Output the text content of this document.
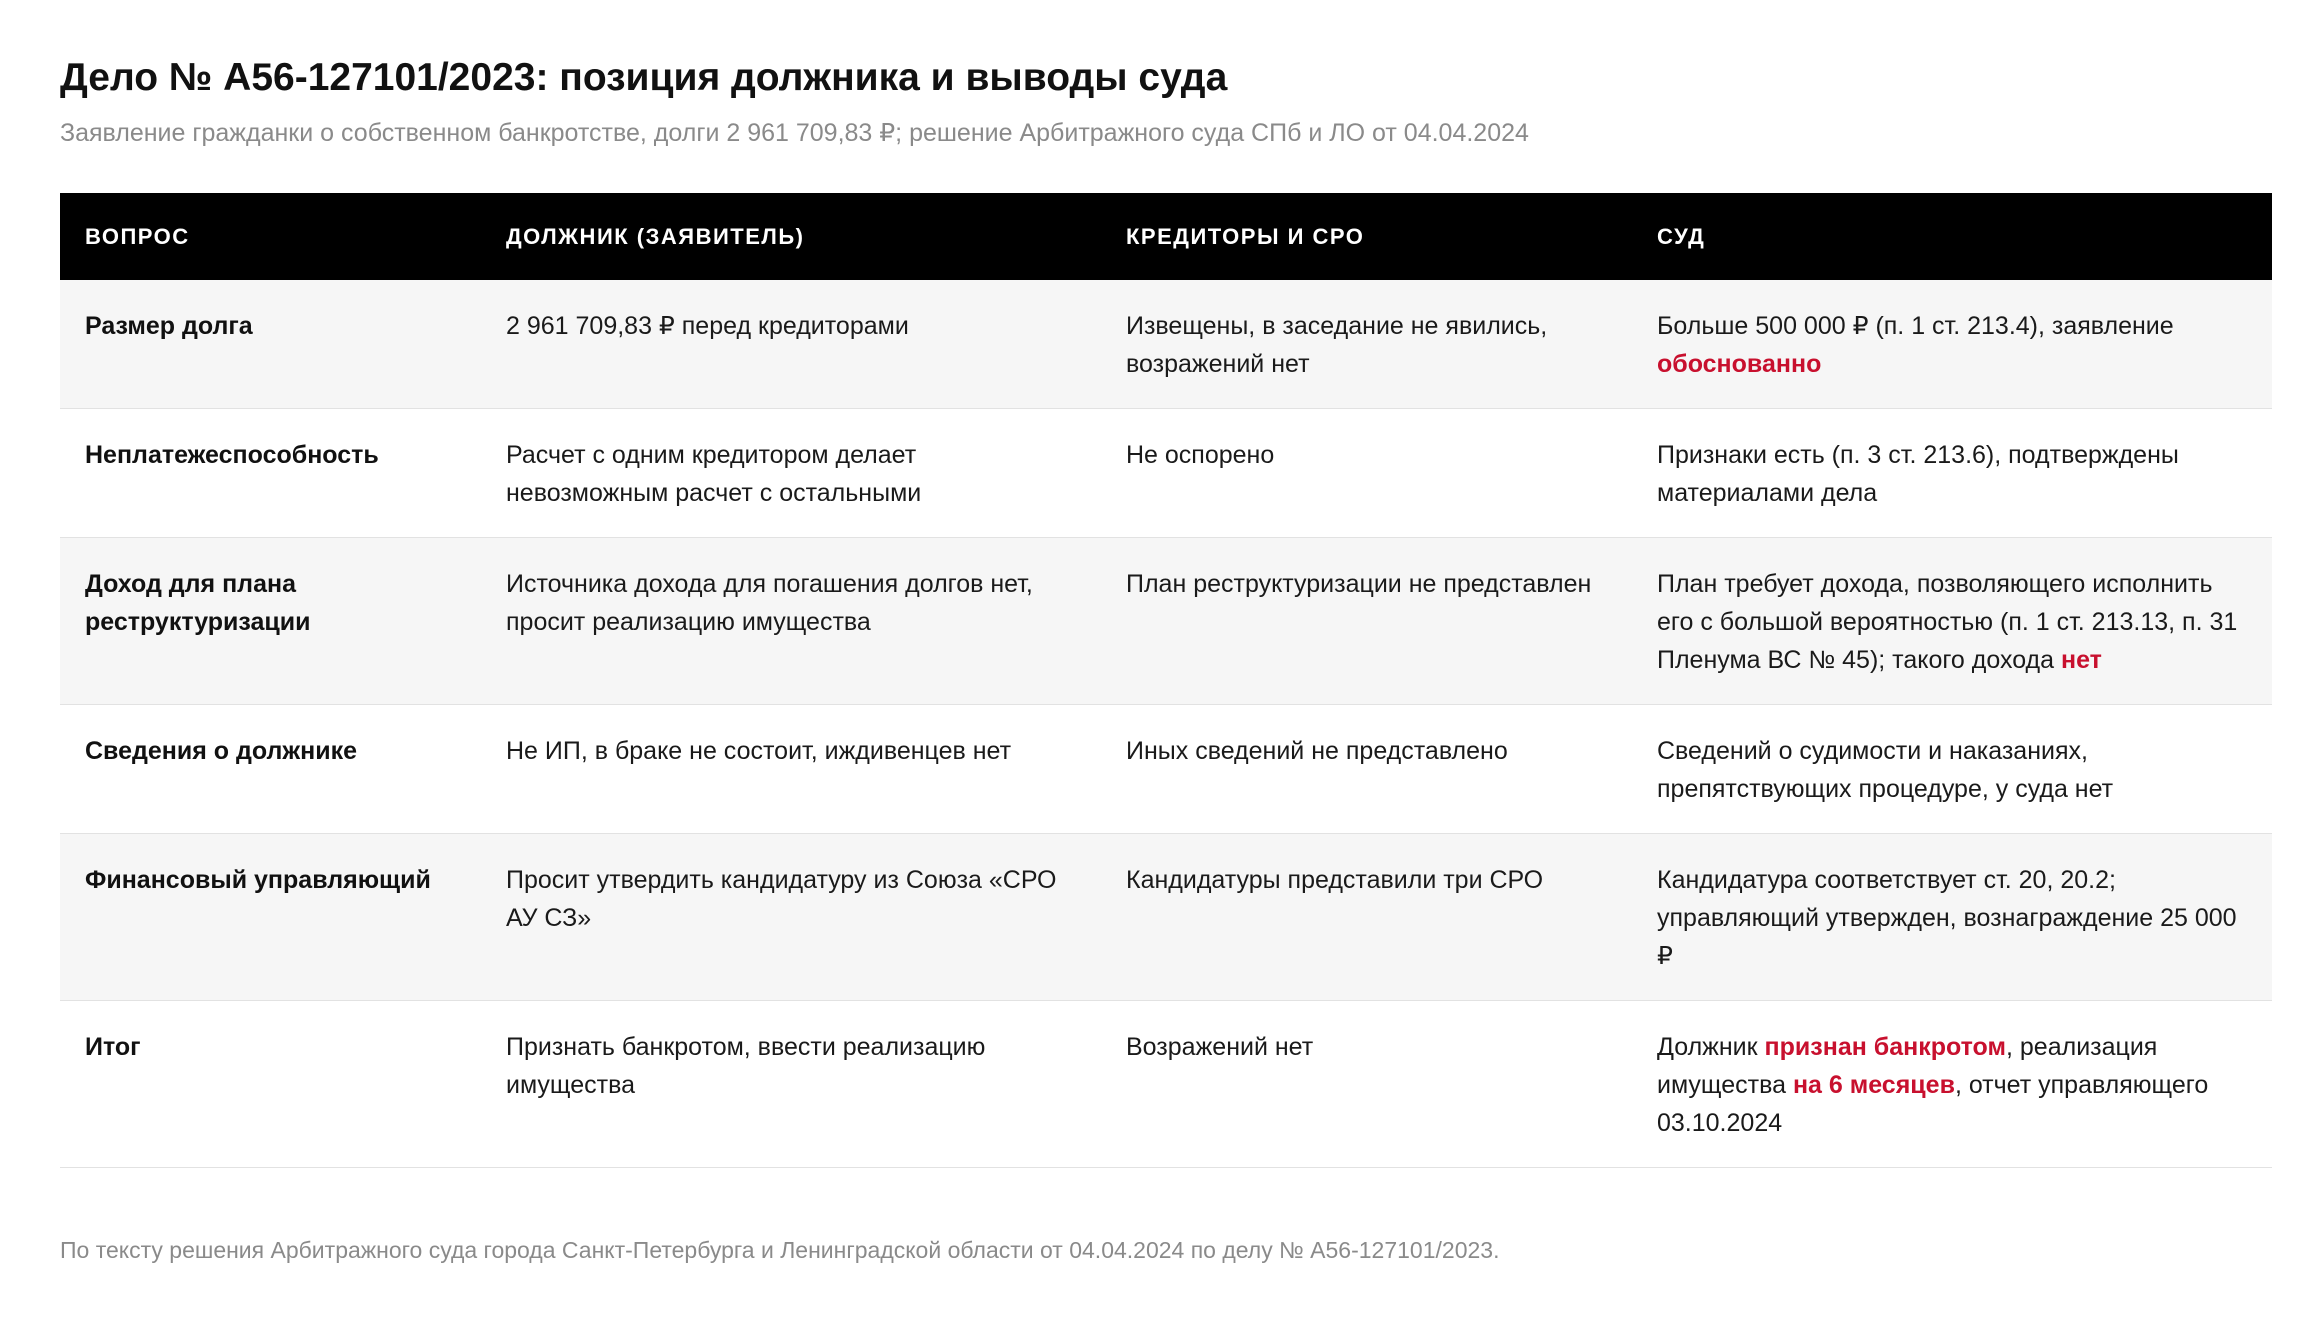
Дело № А56-127101/2023: позиция должника и выводы суда

Заявление гражданки о собственном банкротстве, долги 2 961 709,83 ₽; решение Арбитражного суда СПб и ЛО от 04.04.2024

ВОПРОС	ДОЛЖНИК (ЗАЯВИТЕЛЬ)	КРЕДИТОРЫ И СРО	СУД
Размер долга	2 961 709,83 ₽ перед кредиторами	Извещены, в заседание не явились, возражений нет	Больше 500 000 ₽ (п. 1 ст. 213.4), заявление обоснованно
Неплатежеспособность	Расчет с одним кредитором делает невозможным расчет с остальными	Не оспорено	Признаки есть (п. 3 ст. 213.6), подтверждены материалами дела
Доход для плана реструктуризации	Источника дохода для погашения долгов нет, просит реализацию имущества	План реструктуризации не представлен	План требует дохода, позволяющего исполнить его с большой вероятностью (п. 1 ст. 213.13, п. 31 Пленума ВС № 45); такого дохода нет
Сведения о должнике	Не ИП, в браке не состоит, иждивенцев нет	Иных сведений не представлено	Сведений о судимости и наказаниях, препятствующих процедуре, у суда нет
Финансовый управляющий	Просит утвердить кандидатуру из Союза «СРО АУ СЗ»	Кандидатуры представили три СРО	Кандидатура соответствует ст. 20, 20.2; управляющий утвержден, вознаграждение 25 000 ₽
Итог	Признать банкротом, ввести реализацию имущества	Возражений нет	Должник признан банкротом, реализация имущества на 6 месяцев, отчет управляющего 03.10.2024

По тексту решения Арбитражного суда города Санкт-Петербурга и Ленинградской области от 04.04.2024 по делу № А56-127101/2023.
